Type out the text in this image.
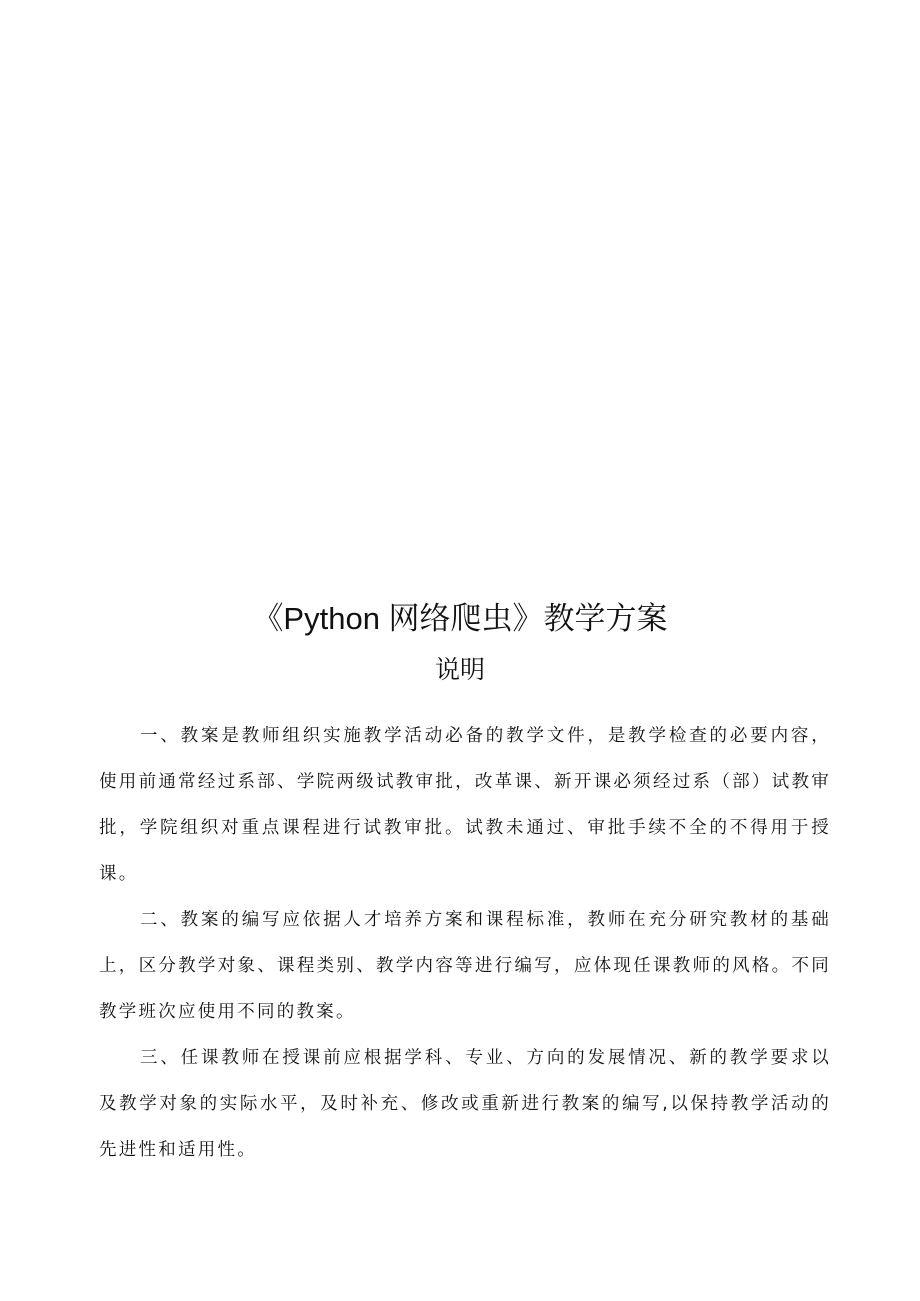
《Python 网络爬虫》教学方案
说明

一、教案是教师组织实施教学活动必备的教学文件，是教学检查的必要内容，使用前通常经过系部、学院两级试教审批，改革课、新开课必须经过系（部）试教审批，学院组织对重点课程进行试教审批。试教未通过、审批手续不全的不得用于授课。

二、教案的编写应依据人才培养方案和课程标准，教师在充分研究教材的基础上，区分教学对象、课程类别、教学内容等进行编写，应体现任课教师的风格。不同教学班次应使用不同的教案。

三、任课教师在授课前应根据学科、专业、方向的发展情况、新的教学要求以及教学对象的实际水平，及时补充、修改或重新进行教案的编写,以保持教学活动的先进性和适用性。
